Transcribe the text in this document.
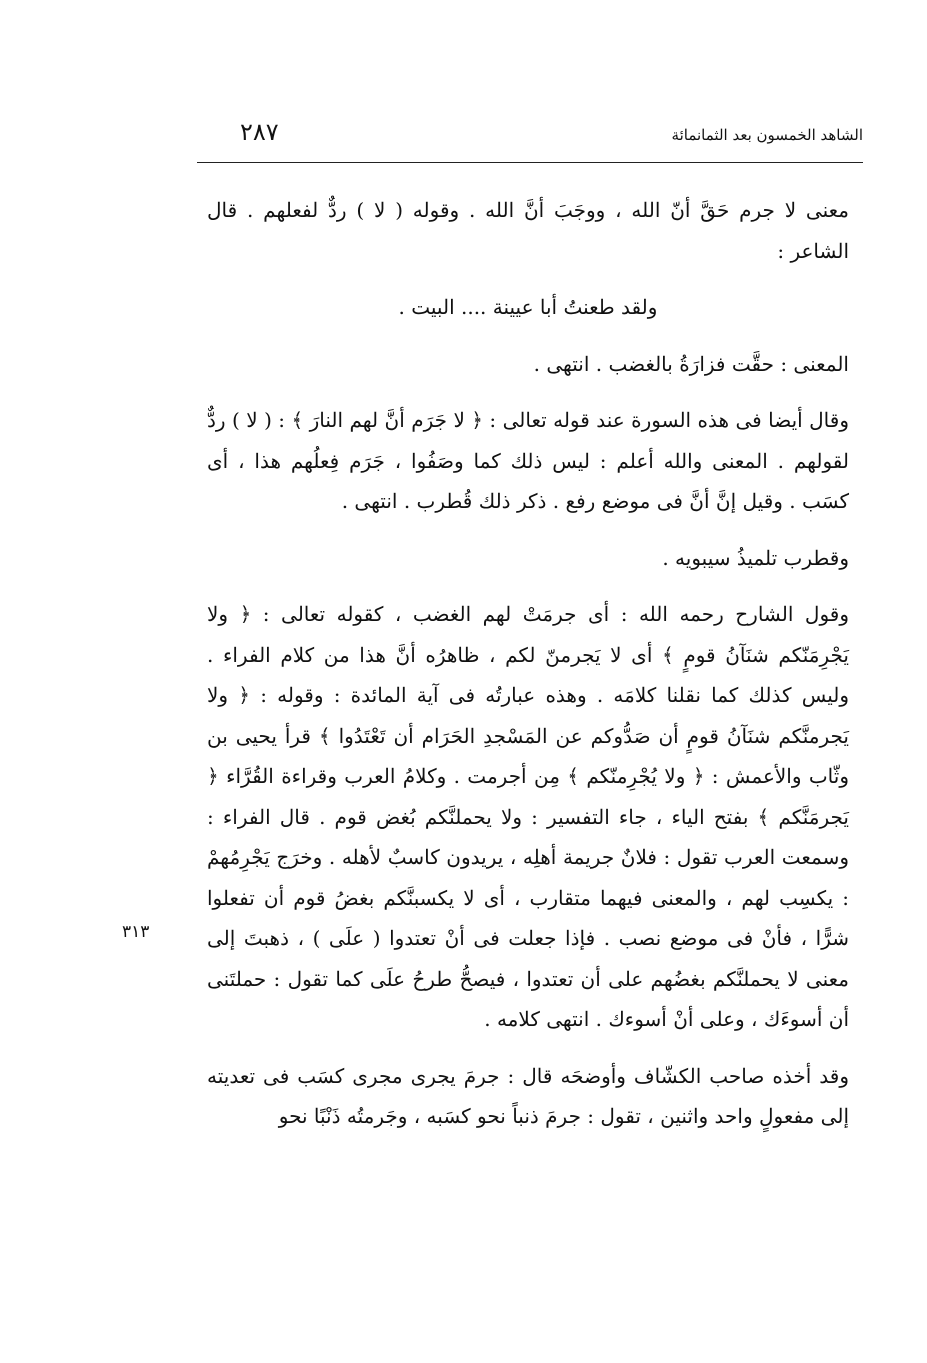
٢٨٧	الشاهد الخمسون بعد الثمانمائة
٣١٣

معنى لا جرم حَقَّ أنّ الله ، ووجَبَ أنَّ الله . وقوله ( لا ) ردٌّ لفعلهم . قال الشاعر :

ولقد طعنتُ أبا عيينة .... البيت .

المعنى : حقَّت فزارَةُ بالغضب . انتهى .

وقال أيضا فى هذه السورة عند قوله تعالى : ﴿ لا جَرَم أنَّ لهم النارَ ﴾ : ( لا ) ردٌّ لقولهم . المعنى والله أعلم : ليس ذلك كما وصَفُوا ، جَرَم فِعلُهم هذا ، أى كسَب . وقيل إنَّ أنَّ فى موضع رفع . ذكر ذلك قُطرب . انتهى .

وقطرب تلميذُ سيبويه .

وقول الشارح رحمه الله : أى جرمَتْ لهم الغضب ، كقوله تعالى : ﴿ ولا يَجْرِمَنّكم شنَآنُ قومٍ ﴾ أى لا يَجرمنّ لكم ، ظاهرُه أنَّ هذا من كلام الفراء . وليس كذلك كما نقلنا كلامَه . وهذه عبارتُه فى آية المائدة : وقوله : ﴿ ولا يَجرمنَّكم شنَآنُ قومٍ أن صَدُّوكم عن المَسْجدِ الحَرَام أن تَعْتَدُوا ﴾ قرأ يحيى بن وثّاب والأعمش : ﴿ ولا يُجْرِمنّكم ﴾ مِن أجرمت . وكلامُ العرب وقراءة القُرَّاء ﴿ يَجرمَنَّكم ﴾ بفتح الياء ، جاء التفسير : ولا يحملنَّكم بُغض قوم . قال الفراء : وسمعت العرب تقول : فلانٌ جريمة أهلِه ، يريدون كاسبٌ لأهله . وخرَج يَجْرِمُهمْ : يكسِب لهم ، والمعنى فيهما متقارب ، أى لا يكسبنَّكم بغضُ قوم أن تفعلوا شرًّا ، فأنْ فى موضع نصب . فإذا جعلت فى أنْ تعتدوا ( علَى ) ، ذهبتَ إلى معنى لا يحملنَّكم بغضُهم على أن تعتدوا ، فيصحُّ طرحُ علَى كما تقول : حملتَنى أن أسوءَك ، وعلى أنْ أسوءك . انتهى كلامه .

وقد أخذه صاحب الكشّاف وأوضحَه قال : جرمَ يجرى مجرى كسَب فى تعديته إلى مفعولٍ واحد واثنين ، تقول : جرمَ ذنباً نحو كسَبه ، وجَرمتُه ذَنْبًا نحو
